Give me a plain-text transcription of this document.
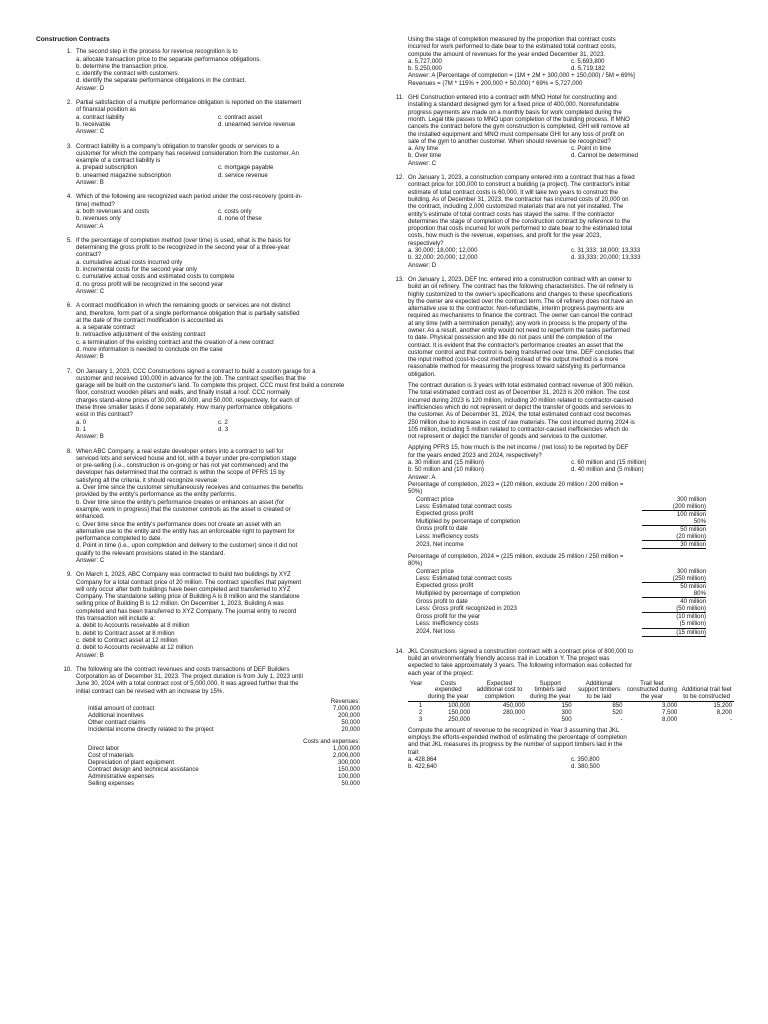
Construction Contracts
1. The second step in the process for revenue recognition is to
a. allocate transaction price to the separate performance obligations.
b. determine the transaction price.
c. identify the contract with customers.
d. identify the separate performance obligations in the contract.
Answer: D
2. Partial satisfaction of a multiple performance obligation is reported on the statement
of financial position as
a. contract liability	c. contract asset
b. receivable	d. unearned service revenue
Answer: C
3. Contract liability is a company's obligation to transfer goods or services to a
customer for which the company has received consideration from the customer. An
example of a contract liability is
a. prepaid subscription	c. mortgage payable
b. unearned magazine subscription	d. service revenue
Answer: B
4. Which of the following are recognized each period under the cost-recovery (point-in-
time) method?
a. both revenues and costs	c. costs only
b. revenues only	d. none of these
Answer: A
5. If the percentage of completion method (over time) is used, what is the basis for
determining the gross profit to be recognized in the second year of a three-year
contract?
a. cumulative actual costs incurred only
b. incremental costs for the second year only
c. cumulative actual costs and estimated costs to complete
d. no gross profit will be recognized in the second year
Answer: C
6. A contract modification in which the remaining goods or services are not distinct
and, therefore, form part of a single performance obligation that is partially satisfied
at the date of the contract modification is accounted as
a. a separate contract
b. retroactive adjustment of the existing contract
c. a termination of the existing contract and the creation of a new contract
d. more information is needed to conclude on the case
Answer: B
7. On January 1, 2023, CCC Constructions signed a contract to build a custom garage for a
customer and received 100,000 in advance for the job. The contract specifies that the
garage will be built on the customer's land. To complete this project, CCC must first build a concrete
floor, construct wooden pillars and walls, and finally install a roof. CCC normally
charges stand-alone prices of 30,000, 40,000, and 50,000, respectively, for each of
these three smaller tasks if done separately. How many performance obligations
exist in this contract?
a. 0	c. 2
b. 1	d. 3
Answer: B
8. When ABC Company, a real estate developer enters into a contract to sell for
serviced lots and serviced house and lot, with a buyer under pre-completion stage
or pre-selling (i.e., construction is on-going or has not yet commenced) and the
developer has determined that the contract is within the scope of PFRS 15 by
satisfying all the criteria, it should recognize revenue:
a. Over time since the customer simultaneously receives and consumes the benefits
provided by the entity's performance as the entity performs.
b. Over time since the entity's performance creates or enhances an asset (for
example, work in progress) that the customer controls as the asset is created or
enhanced.
c. Over time since the entity's performance does not create an asset with an
alternative use to the entity and the entity has an enforceable right to payment for
performance completed to date.
d. Point in time (i.e., upon completion and delivery to the customer) since it did not
qualify to the relevant provisions stated in the standard.
Answer: C
9. On March 1, 2023, ABC Company was contracted to build two buildings by XYZ
Company for a total contract price of 20 million. The contract specifies that payment
will only occur after both buildings have been completed and transferred to XYZ
Company. The standalone selling price of Building A is 8 million and the standalone
selling price of Building B is 12 million. On December 1, 2023, Building A was
completed and has been transferred to XYZ Company. The journal entry to record
this transaction will include a:
a. debit to Accounts receivable at 8 million
b. debit to Contract asset at 8 million
c. debit to Contract asset at 12 million
d. debit to Accounts receivable at 12 million
Answer: B
10. The following are the contract revenues and costs transactions of DEF Builders
Corporation as of December 31, 2023. The project duration is from July 1, 2023 until
June 30, 2024 with a total contract cost of 5,000,000. It was agreed further that the
initial contract can be revised with an increase by 15%.
Revenues:	
Initial amount of contract	7,000,000
Additional incentives	200,000
Other contract claims	50,000
Incidental income directly related to the project	20,000
Costs and expenses:	
Direct labor	1,000,000
Cost of materials	2,000,000
Depreciation of plant equipment	300,000
Contract design and technical assistance	150,000
Administrative expenses	100,000
Selling expenses	50,000
Using the stage of completion measured by the proportion that contract costs
incurred for work performed to date bear to the estimated total contract costs,
compute the amount of revenues for the year ended December 31, 2023.
a. 5,727,000	c. 5,693,800
b. 5,250,000	d. 5,719,182
Answer: A [Percentage of completion = (1M + 2M + 300,000 + 150,000) / 5M = 69%]
Revenues = (7M * 115% + 200,000 + 50,000) * 69% = 5,727,000
11. GHI Construction entered into a contract with MNO Hotel for constructing and
installing a standard designed gym for a fixed price of 400,000. Nonrefundable
progress payments are made on a monthly basis for work completed during the
month. Legal title passes to MNO upon completion of the building process. If MNO
cancels the contract before the gym construction is completed, GHI will remove all
the installed equipment and MNO must compensate GHI for any loss of profit on
sale of the gym to another customer. When should revenue be recognized?
a. Any time	c. Point in time
b. Over time	d. Cannot be determined
Answer: C
12. On January 1, 2023, a construction company entered into a contract that has a fixed
contract price for 100,000 to construct a building (a project). The contractor's initial
estimate of total contract costs is 60,000. It will take two years to construct the
building. As of December 31, 2023, the contractor has incurred costs of 20,000 on
the contract, including 2,000 customized materials that are not yet installed. The
entity's estimate of total contract costs has stayed the same. If the contractor
determines the stage of completion of the construction contract by reference to the
proportion that costs incurred for work performed to date bear to the estimated total
costs, how much is the revenue, expenses, and profit for the year 2023,
respectively?
a. 30,000; 18,000; 12,000	c. 31,333; 18,000; 13,333
b. 32,000; 20,000; 12,000	d. 33,333; 20,000; 13,333
Answer: D
13. On January 1, 2023, DEF Inc. entered into a construction contract with an owner to
build an oil refinery. The contract has the following characteristics. The oil refinery is
highly customized to the owner's specifications and changes to these specifications
by the owner are expected over the contract term. The oil refinery does not have an
alternative use to the contractor. Non-refundable, interim progress payments are
required as mechanisms to finance the contract. The owner can cancel the contract
at any time (with a termination penalty); any work in process is the property of the
owner. As a result, another entity would not need to reperform the tasks performed
to date. Physical possession and title do not pass until the completion of the
contract. It is evident that the contractor's performance creates an asset that the
customer control and that control is being transferred over time. DEF concludes that
the input method (cost-to-cost method) instead of the output method is a more
reasonable method for measuring the progress toward satisfying its performance
obligation.
The contract duration is 3 years with total estimated contract revenue of 300 million.
The total estimated contract cost as of December 31, 2023 is 200 million. The cost
incurred during 2023 is 120 million, including 20 million related to contractor-caused
inefficiencies which do not represent or depict the transfer of goods and services to
the customer. As of December 31, 2024, the total estimated contract cost becomes
250 million due to increase in cost of raw materials. The cost incurred during 2024 is
105 million, including 5 million related to contractor-caused inefficiencies which do
not represent or depict the transfer of goods and services to the customer.
Applying PFRS 15, how much is the net income / (net loss) to be reported by DEF
for the years ended 2023 and 2024, respectively?
a. 30 million and (15 million)	c. 60 million and (15 million)
b. 50 million and (10 million)	d. 40 million and (5 million)
Answer: A
Percentage of completion, 2023 = (120 million, exclude 20 million / 200 million =
50%)
Contract price	300 million
Less: Estimated total contract costs	(200 million)
Expected gross profit	100 million
Multiplied by percentage of completion	50%
Gross profit to date	50 million
Less: Inefficiency costs	(20 million)
2023, Net income	30 million
Percentage of completion, 2024 = (225 million, exclude 25 million / 250 million =
80%)
Contract price	300 million
Less: Estimated total contract costs	(250 million)
Expected gross profit	50 million
Multiplied by percentage of completion	80%
Gross profit to date	40 million
Less: Gross profit recognized in 2023	(50 million)
Gross profit for the year	(10 million)
Less: Inefficiency costs	(5 million)
2024, Net loss	(15 million)
14. JKL Constructions signed a construction contract with a contract price of 800,000 to
build an environmentally friendly access trail in Location Y. The project was
expected to take approximately 3 years. The following information was collected for
each year of the project:
Year	Costs expended during the year	Expected additional cost to completion	Support timbers laid during the year	Additional support timbers to be laid	Trail feet constructed during the year	Additional trail feet to be constructed
1	100,000	450,000	150	850	3,000	15,200
2	150,000	280,000	300	520	7,500	8,200
3	250,000	-	500	-	8,000	-
Compute the amount of revenue to be recognized in Year 3 assuming that JKL
employs the efforts-expended method of estimating the percentage of completion
and that JKL measures its progress by the number of support timbers laid in the
trail:
a. 428,864	c. 350,800
b. 422,640	d. 380,500
